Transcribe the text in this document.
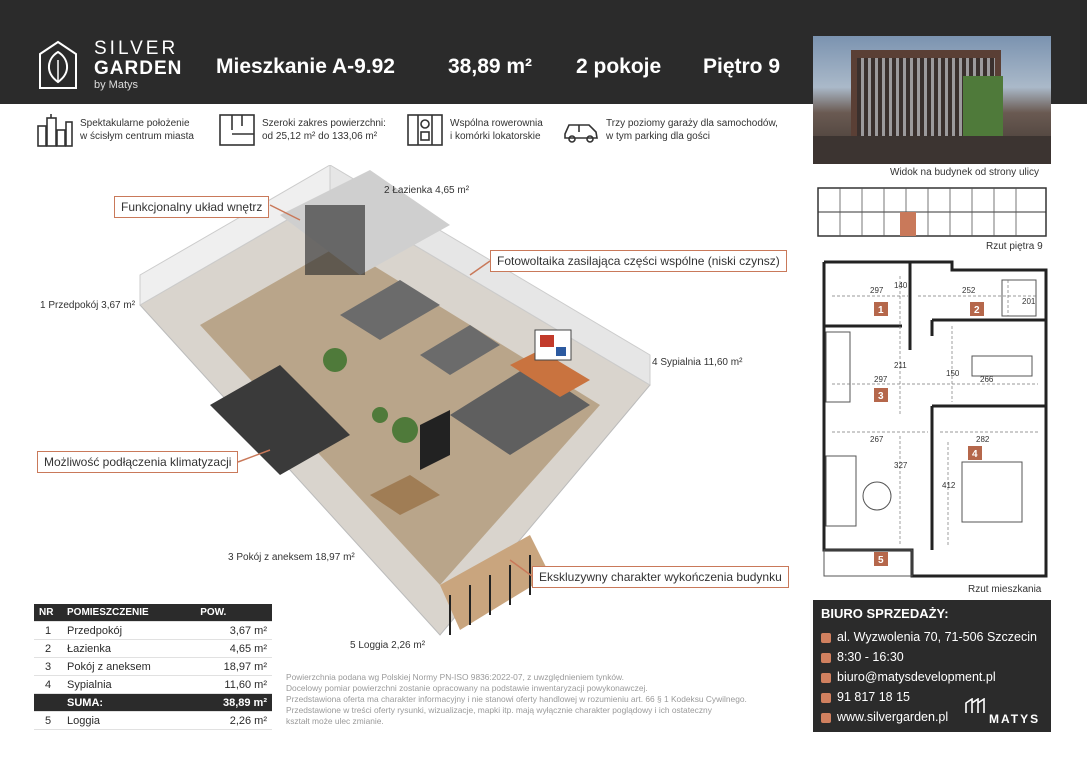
SILVER
GARDEN
by Matys
Mieszkanie A-9.92	38,89 m² 2 pokoje Piętro 9
Widok na budynek od strony ulicy
Spektakularne położenie
w ścisłym centrum miasta
Szeroki zakres powierzchni:
od 25,12 m² do 133,06 m²
Wspólna rowerownia
i komórki lokatorskie
Trzy poziomy garaży dla samochodów,
w tym parking dla gości
Funkcjonalny układ wnętrz
Fotowoltaika zasilająca części wspólne (niski czynsz)
Możliwość podłączenia klimatyzacji
Ekskluzywny charakter wykończenia budynku
1 Przedpokój 3,67 m²
2 Łazienka 4,65 m²
3 Pokój z aneksem 18,97 m²
4 Sypialnia 11,60 m²
5 Loggia 2,26 m²
Rzut piętra 9
297
140
252
201
211
150
297	266
267	282
327
412
1	2
3
4
5
Rzut mieszkania
NR	POMIESZCZENIE	POW.
1	Przedpokój	3,67 m²
2	Łazienka	4,65 m²
3	Pokój z aneksem	18,97 m²
4	Sypialnia	11,60 m²
	SUMA:	38,89 m²
5	Loggia	2,26 m²
Powierzchnia podana wg Polskiej Normy PN-ISO 9836:2022-07, z uwzględnieniem tynków.
Docelowy pomiar powierzchni zostanie opracowany na podstawie inwentaryzacji powykonawczej.
Przedstawiona oferta ma charakter informacyjny i nie stanowi oferty handlowej w rozumieniu art. 66 § 1 Kodeksu Cywilnego.
Przedstawione w treści oferty rysunki, wizualizacje, mapki itp. mają wyłącznie charakter poglądowy i ich ostateczny
kształt może ulec zmianie.
BIURO SPRZEDAŻY:
al. Wyzwolenia 70, 71-506 Szczecin
8:30 - 16:30
biuro@matysdevelopment.pl
91 817 18 15
www.silvergarden.pl	MATYS
